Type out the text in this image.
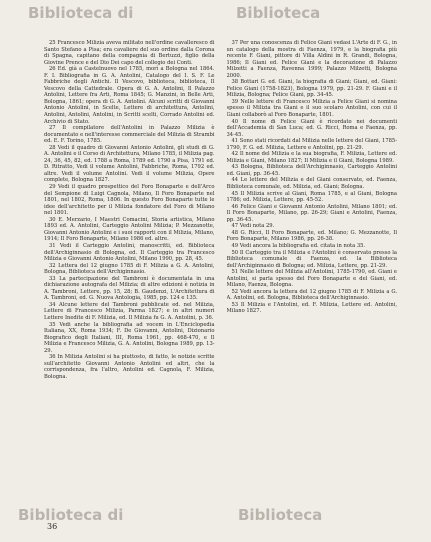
Biblioteca di	Biblioteca
Biblioteca di	Biblioteca

25 Francesco Milizia aveva militato nell'ordine cavalleresco di Santo Stefano a Pisa; era cavaliere del suo ordine dalla Corona di Spagna, capitano della compagnia di Bertuzzi, figlio della Giovine Prence e del Dio Dei capo del collegio dei Conti.

26 Ed. già a Castelnuovo nel 1785, morì a Bologna nel 1864. F. I. Bibliografia in G. A. Antolini, Catalogo del I. S. F. Le Fabbriche degli Antichi. Il Vescovo, biblioteca, biblioteca, Il Vescovo della Cattedrale. Opera di G. A. Antolini, Il Palazzo Antolini, Lettere fra Arti, Roma 1845; G. Manzini, in Belle Arti, Bologna, 1861; opera di G. A. Antolini. Alcuni scritti di Giovanni Antonio Antolini, in Scelte, Lettere di architettura, Antolini, Antolini, Antolini, Antolini, in Scritti scelti, Corrado Antolini ed. Archivio di Stato.

27 Il compilatore dell'Antolini in Palazzo Milizia è documentato e nell'interesse commerciale del Milizia di Strambi ed. E. F. Torino, 1785.

28 Vedi il quadro di Giovanni Antonio Antolini, gli studi di G. A. Antolini e il Corso di Architettura, Milano 1785, il Milizia pag. 24, 36, 45, 82, ed. 1788 a Roma, 1789 ed. 1790 a Pisa, 1791 ed. D. Ritratto, Vedi il volume Antolini, Fabbriche, Roma, 1792 ed. altre. Vedi il volume Antolini. Vedi il volume Milizia, Opere complete, Bologna 1827.

29 Vedi il quadro prospettico del Foro Bonaparte e dell'Arco del Sempione di Luigi Cagnola, Milano, Il Foro Bonaparte nel 1801, nel 1802, Roma, 1806. In questo Foro Bonaparte tutte le idee dell'architetto per il Milizia fondatore del Foro di Milano nel 1801.

30 E. Merzario, I Maestri Comacini, Storia artistica, Milano 1893 ed. A. Antolini, Carteggio Antolini Milizia; P. Mezzanotte, Giovanni Antonio Antolini e i suoi rapporti con il Milizia, Milano, 1914; Il Foro Bonaparte, Milano 1986 ed. altre.

31 Vedi il Carteggio Antolini, manoscritti, ed. Biblioteca dell'Archiginnasio di Bologna, ed. Il Carteggio tra Francesco Milizia e Giovanni Antonio Antolini, Milano 1990, pp. 28, 45.

32 Lettera del 12 giugno 1785 di F. Milizia a G. A. Antolini, Bologna, Biblioteca dell'Archiginnasio.

33 La partecipazione del Tambroni è documentata in una dichiarazione autografa del Milizia; di altre edizioni è notizia in A. Tambroni, Lettere, pp. 15, 28; B. Gaudenzi, L'Architettura di A. Tambroni, ed. G. Nuova Antologia, 1985, pp. 124 e 135.

34 Alcune lettere del Tambroni pubblicate ed. nel Milizia, Lettere di Francesco Milizia, Parma 1827; e in altri numeri Lettere Inedite di F. Milizia, ed. Il Milizia fu G. A. Antolini, p. 36.

35 Vedi anche la bibliografia ad vocem in L'Enciclopedia Italiana, XX, Roma 1934; F. De Giovanni, Antolini, Dizionario Biografico degli Italiani, III, Roma 1961, pp. 468-470, e Il Milizia e Francesco Milizia, G. A. Antolini, Bologna 1989, pp. 13-29.

36 In Milizia Antolini si ha piuttosto, di fatto, le notizie scritte sull'architetto Giovanni Antonio Antolini ed altri, che la corrispondenza, fra l'altro, Antolini ed. Cagnola, F. Milizia, Bologna.

37 Per una conoscenza di Felice Giani vedasi L'Arte di F. G., in un catalogo della mostra di Faenza, 1979, e la biografia più recente F. Giani, pittore di Villa Aldini in R. Grandi, Bologna, 1986; Il Giani ed. Felice Giani e la decorazione di Palazzo Milzetti a Faenza, Ravenna 1999; Palazzo Milzetti, Bologna 2000.

38 Bottari G. ed. Giani, la biografia di Giani; Giani, ed. Giani: Felice Giani (1758-1823), Bologna 1979, pp. 21-29. F. Giani e il Milizia, Bologna; Felice Giani, pp. 34-45.

39 Nelle lettere di Francesco Milizia a Felice Giani si nomina spesso il Milizia tra Giani e il suo scolaro Antolini, con cui il Giani collaborò al Foro Bonaparte, 1801.

40 Il nome di Felice Giani è ricordato nei documenti dell'Accademia di San Luca; ed. G. Ricci, Roma e Faenza, pp. 34-45.

41 Sono stati ricordati dal Milizia nelle lettere del Giani, 1785-1790, F. G. ed. Milizia, Lettere e Antolini, pp. 21-29.

42 Il nome del Milizia e la sua biografia, F. Milizia, Lettere ed. Milizia e Giani, Milano 1827; Il Milizia e il Giani, Bologna 1989.

43 Bologna, Biblioteca dell'Archiginnasio, Carteggio Antolini ed. Giani, pp. 36-45.

44 Le lettere del Milizia e del Giani conservate, ed. Faenza, Biblioteca comunale, ed. Milizia, ed. Giani; Bologna.

45 Il Milizia scrive al Giani, Roma 1785, e al Giani, Bologna 1786; ed. Milizia, Lettere, pp. 45-52.

46 Felice Giani e Giovanni Antonio Antolini, Milano 1801; ed. Il Foro Bonaparte, Milano, pp. 26-29; Giani e Antolini, Faenza, pp. 36-45.

47 Vedi nota 29.

48 G. Ricci, Il Foro Bonaparte, ed. Milano; G. Mezzanotte, Il Foro Bonaparte, Milano 1986, pp. 26-38.

49 Vedi ancora la bibliografia ed. citata in nota 35.

50 Il Carteggio tra il Milizia e l'Antolini è conservato presso la Biblioteca comunale di Faenza, ed. la Biblioteca dell'Archiginnasio di Bologna; ed. Milizia, Lettere, pp. 21-29.

51 Nelle lettere del Milizia all'Antolini, 1785-1790, ed. Giani e Antolini, si parla spesso del Foro Bonaparte e del Giani, ed. Milano, Faenza, Bologna.

52 Vedi ancora la lettera del 12 giugno 1785 di F. Milizia a G. A. Antolini, ed. Bologna, Biblioteca dell'Archiginnasio.

53 Il Milizia e l'Antolini, ed. F. Milizia, Lettere ed. Antolini, Milano 1827.

36
